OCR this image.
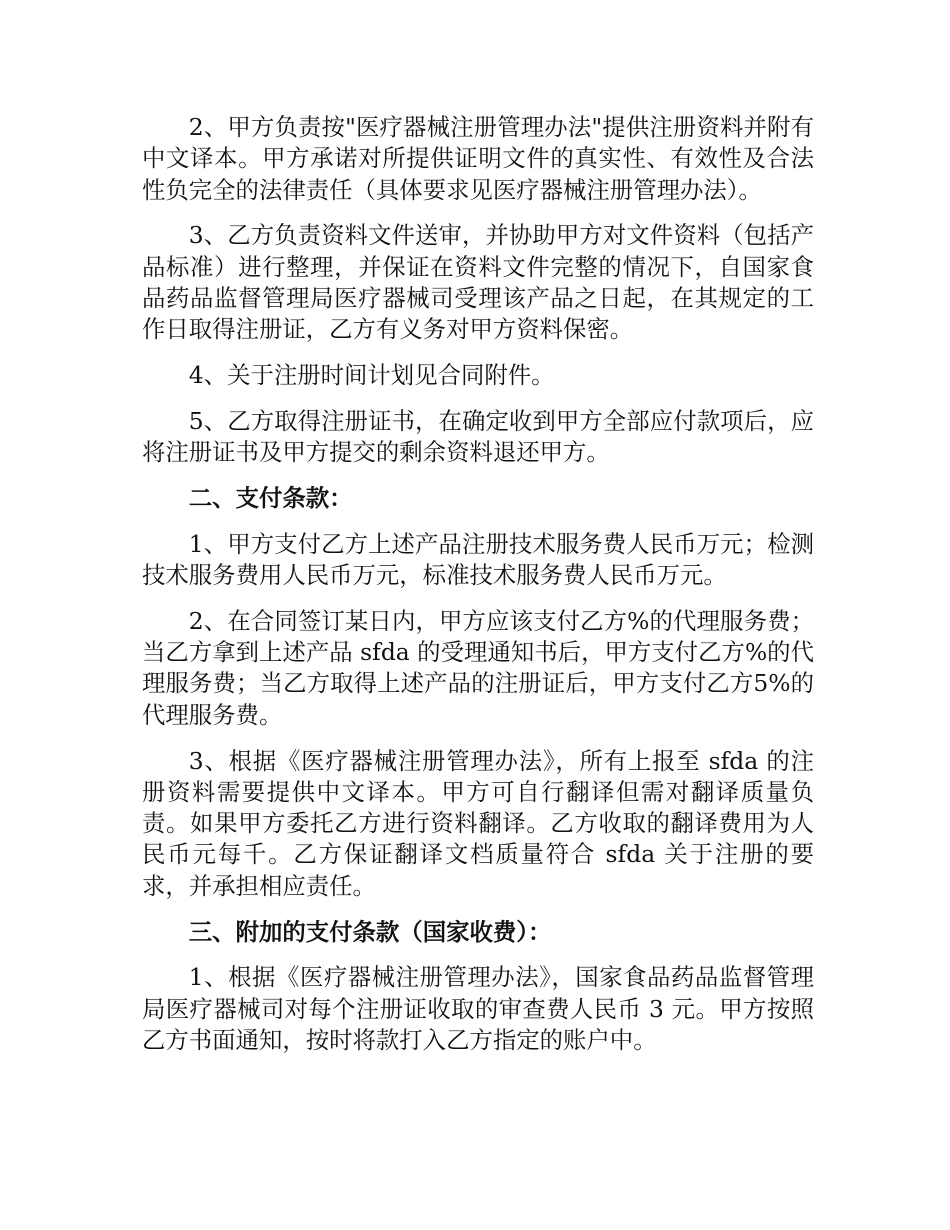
2、甲方负责按"医疗器械注册管理办法"提供注册资料并附有中文译本。甲方承诺对所提供证明文件的真实性、有效性及合法性负完全的法律责任（具体要求见医疗器械注册管理办法）。

3、乙方负责资料文件送审，并协助甲方对文件资料（包括产品标准）进行整理，并保证在资料文件完整的情况下，自国家食品药品监督管理局医疗器械司受理该产品之日起，在其规定的工作日取得注册证，乙方有义务对甲方资料保密。

4、关于注册时间计划见合同附件。

5、乙方取得注册证书，在确定收到甲方全部应付款项后，应将注册证书及甲方提交的剩余资料退还甲方。

二、支付条款：

1、甲方支付乙方上述产品注册技术服务费人民币万元；检测技术服务费用人民币万元，标准技术服务费人民币万元。

2、在合同签订某日内，甲方应该支付乙方%的代理服务费；当乙方拿到上述产品 sfda 的受理通知书后，甲方支付乙方%的代理服务费；当乙方取得上述产品的注册证后，甲方支付乙方5%的代理服务费。

3、根据《医疗器械注册管理办法》，所有上报至 sfda 的注册资料需要提供中文译本。甲方可自行翻译但需对翻译质量负责。如果甲方委托乙方进行资料翻译。乙方收取的翻译费用为人民币元每千。乙方保证翻译文档质量符合 sfda 关于注册的要求，并承担相应责任。

三、附加的支付条款（国家收费）：

1、根据《医疗器械注册管理办法》，国家食品药品监督管理局医疗器械司对每个注册证收取的审查费人民币 3 元。甲方按照乙方书面通知，按时将款打入乙方指定的账户中。
